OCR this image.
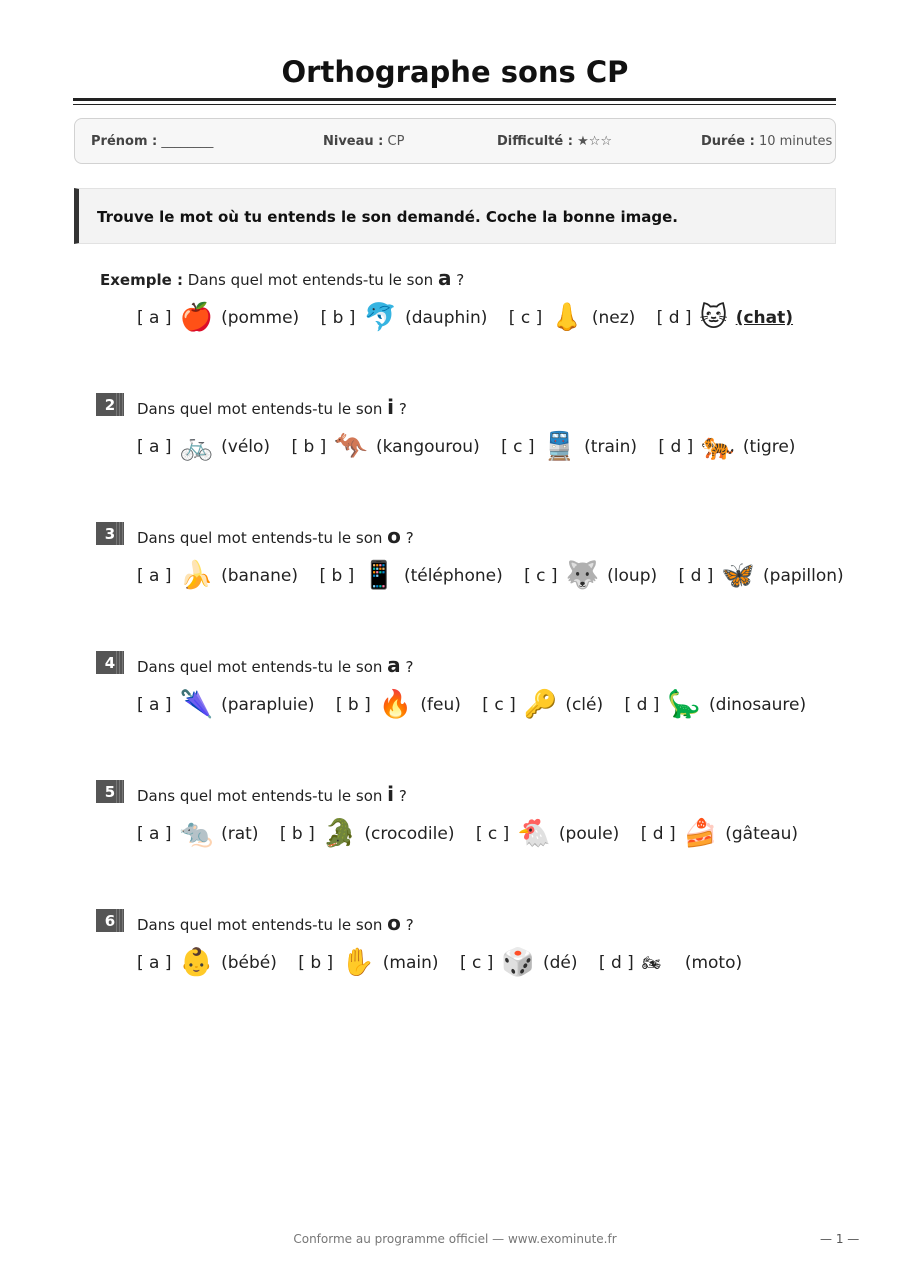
Orthographe sons CP
Prénom : ________	Niveau : CP	Difficulté : ★☆☆	Durée : 10 minutes
Trouve le mot où tu entends le son demandé. Coche la bonne image.
Exemple : Dans quel mot entends-tu le son a ?
[ a ] 🍎 (pomme)
[ b ] 🐬 (dauphin)
[ c ] 👃 (nez)
[ d ] 🐱 (chat)
2	Dans quel mot entends-tu le son i ?
[ a ] 🚲 (vélo)
[ b ] 🦘 (kangourou)
[ c ] 🚆 (train)
[ d ] 🐅 (tigre)
3	Dans quel mot entends-tu le son o ?
[ a ] 🍌 (banane)
[ b ] 📱 (téléphone)
[ c ] 🐺 (loup)
[ d ] 🦋 (papillon)
4	Dans quel mot entends-tu le son a ?
[ a ] 🌂 (parapluie)
[ b ] 🔥 (feu)
[ c ] 🔑 (clé)
[ d ] 🦕 (dinosaure)
5	Dans quel mot entends-tu le son i ?
[ a ] 🐀 (rat)
[ b ] 🐊 (crocodile)
[ c ] 🐔 (poule)
[ d ] 🍰 (gâteau)
6	Dans quel mot entends-tu le son o ?
[ a ] 👶 (bébé)
[ b ] ✋ (main)
[ c ] 🎲 (dé)
[ d ] 🏍 (moto)
Conforme au programme officiel — www.exominute.fr	— 1 —
